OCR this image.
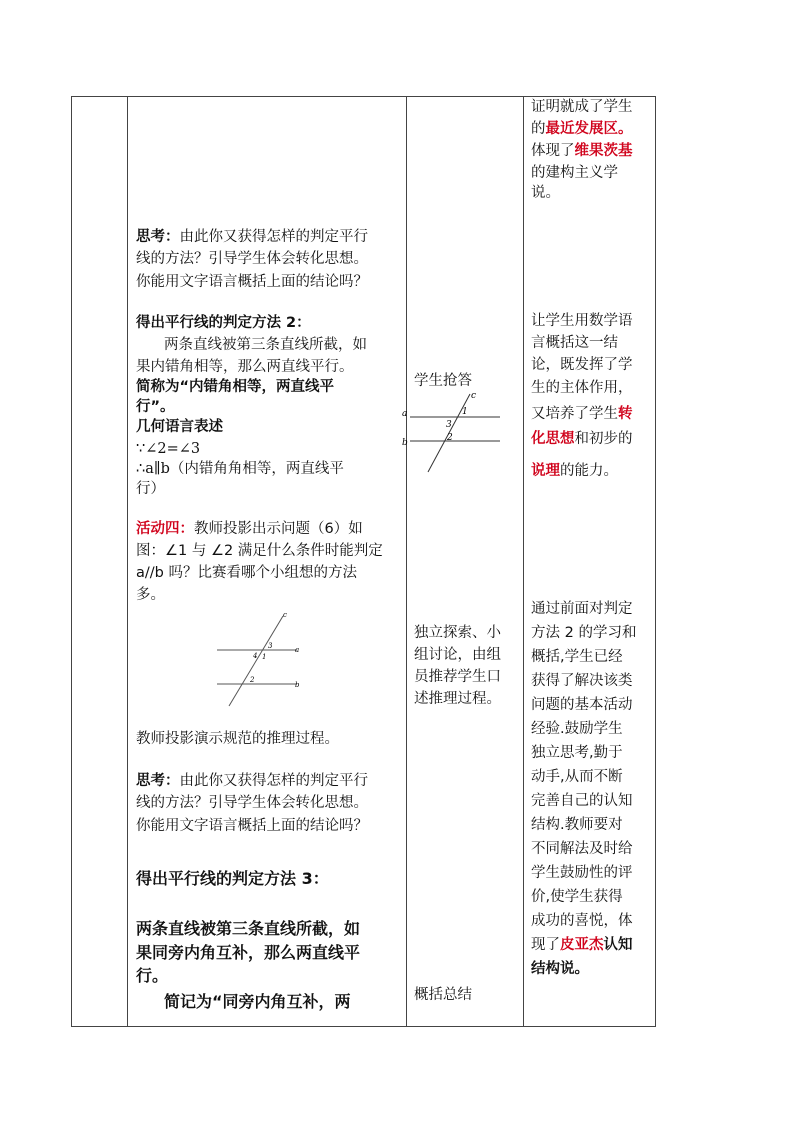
思考：由此你又获得怎样的判定平行
线的方法？引导学生体会转化思想。
你能用文字语言概括上面的结论吗？
得出平行线的判定方法 2：
两条直线被第三条直线所截，如
果内错角相等，那么两直线平行。
简称为“内错角相等，两直线平
行”。
几何语言表述
∵∠2=∠3
∴a∥b（内错角角相等，两直线平
行）
活动四：教师投影出示问题（6）如
图：∠1 与 ∠2 满足什么条件时能判定
a//b 吗？比赛看哪个小组想的方法
多。
c
a
b
3
4 1
2
教师投影演示规范的推理过程。
思考：由此你又获得怎样的判定平行
线的方法？引导学生体会转化思想。
你能用文字语言概括上面的结论吗？
得出平行线的判定方法 3：
两条直线被第三条直线所截，如
果同旁内角互补，那么两直线平
行。
简记为“同旁内角互补，两
学生抢答
c
a
b
1
3
2
独立探索、小
组讨论，由组
员推荐学生口
述推理过程。
概括总结
证明就成了学生
的最近发展区。
体现了维果茨基
的建构主义学
说。
让学生用数学语
言概括这一结
论，既发挥了学
生的主体作用，
又培养了学生转
化思想和初步的
说理的能力。
通过前面对判定
方法 2 的学习和
概括,学生已经
获得了解决该类
问题的基本活动
经验.鼓励学生
独立思考,勤于
动手,从而不断
完善自己的认知
结构.教师要对
不同解法及时给
学生鼓励性的评
价,使学生获得
成功的喜悦，体
现了皮亚杰认知
结构说。
